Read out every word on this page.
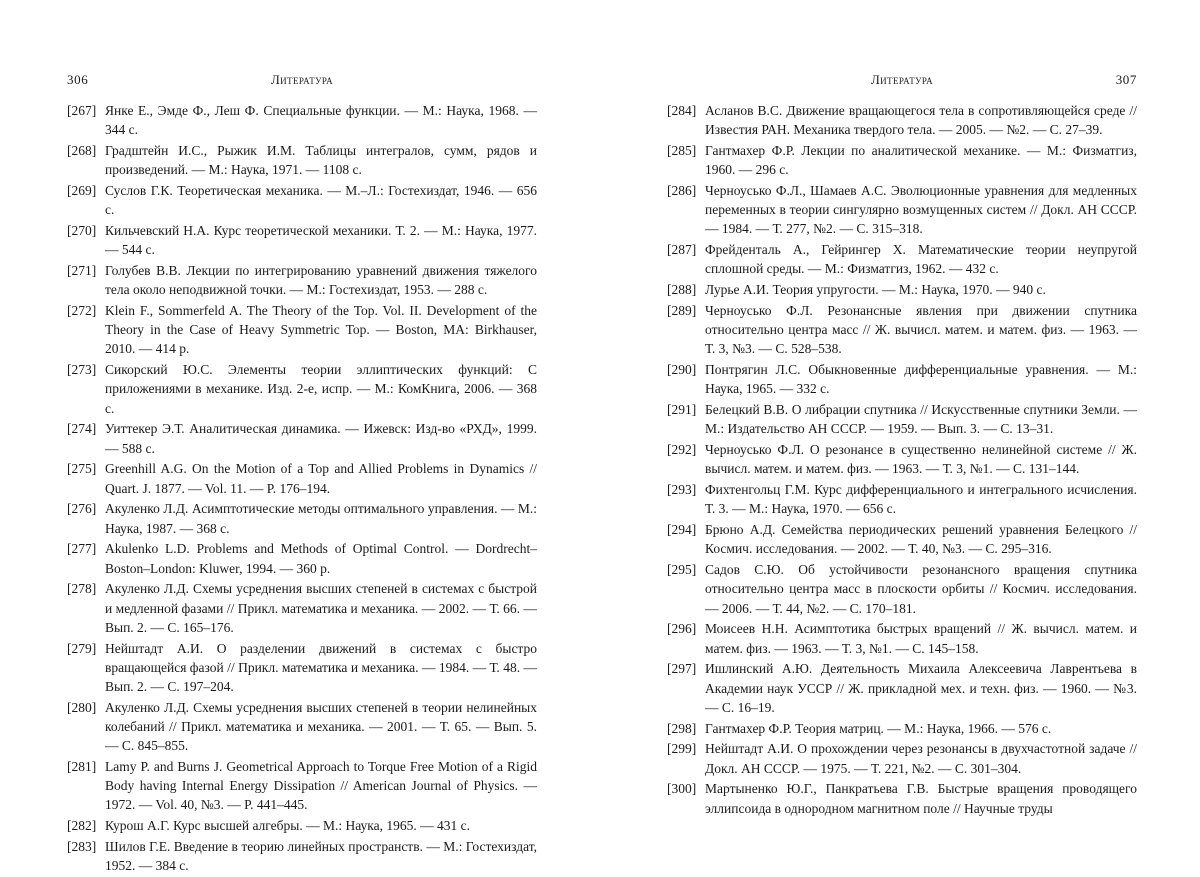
306	Литература
[267] Янке Е., Эмде Ф., Леш Ф. Специальные функции. — М.: Наука, 1968. — 344 с.
[268] Градштейн И.С., Рыжик И.М. Таблицы интегралов, сумм, рядов и произведений. — М.: Наука, 1971. — 1108 с.
[269] Суслов Г.К. Теоретическая механика. — М.–Л.: Гостехиздат, 1946. — 656 с.
[270] Кильчевский Н.А. Курс теоретической механики. Т. 2. — М.: Наука, 1977. — 544 с.
[271] Голубев В.В. Лекции по интегрированию уравнений движения тяжелого тела около неподвижной точки. — М.: Гостехиздат, 1953. — 288 с.
[272] Klein F., Sommerfeld A. The Theory of the Top. Vol. II. Development of the Theory in the Case of Heavy Symmetric Top. — Boston, MA: Birkhauser, 2010. — 414 p.
[273] Сикорский Ю.С. Элементы теории эллиптических функций: С приложениями в механике. Изд. 2-е, испр. — М.: КомКнига, 2006. — 368 с.
[274] Уиттекер Э.Т. Аналитическая динамика. — Ижевск: Изд-во «РХД», 1999. — 588 с.
[275] Greenhill A.G. On the Motion of a Top and Allied Problems in Dynamics // Quart. J. 1877. — Vol. 11. — P. 176–194.
[276] Акуленко Л.Д. Асимптотические методы оптимального управления. — М.: Наука, 1987. — 368 с.
[277] Akulenko L.D. Problems and Methods of Optimal Control. — Dordrecht–Boston–London: Kluwer, 1994. — 360 p.
[278] Акуленко Л.Д. Схемы усреднения высших степеней в системах с быстрой и медленной фазами // Прикл. математика и механика. — 2002. — Т. 66. — Вып. 2. — С. 165–176.
[279] Нейштадт А.И. О разделении движений в системах с быстро вращающейся фазой // Прикл. математика и механика. — 1984. — Т. 48. — Вып. 2. — С. 197–204.
[280] Акуленко Л.Д. Схемы усреднения высших степеней в теории нелинейных колебаний // Прикл. математика и механика. — 2001. — Т. 65. — Вып. 5. — С. 845–855.
[281] Lamy P. and Burns J. Geometrical Approach to Torque Free Motion of a Rigid Body having Internal Energy Dissipation // American Journal of Physics. — 1972. — Vol. 40, №3. — P. 441–445.
[282] Курош А.Г. Курс высшей алгебры. — М.: Наука, 1965. — 431 с.
[283] Шилов Г.Е. Введение в теорию линейных пространств. — М.: Гостехиздат, 1952. — 384 с.
Литература	307
[284] Асланов В.С. Движение вращающегося тела в сопротивляющейся среде // Известия РАН. Механика твердого тела. — 2005. — №2. — С. 27–39.
[285] Гантмахер Ф.Р. Лекции по аналитической механике. — М.: Физматгиз, 1960. — 296 с.
[286] Черноусько Ф.Л., Шамаев А.С. Эволюционные уравнения для медленных переменных в теории сингулярно возмущенных систем // Докл. АН СССР. — 1984. — Т. 277, №2. — С. 315–318.
[287] Фрейденталь А., Гейрингер Х. Математические теории неупругой сплошной среды. — М.: Физматгиз, 1962. — 432 с.
[288] Лурье А.И. Теория упругости. — М.: Наука, 1970. — 940 с.
[289] Черноусько Ф.Л. Резонансные явления при движении спутника относительно центра масс // Ж. вычисл. матем. и матем. физ. — 1963. — Т. 3, №3. — С. 528–538.
[290] Понтрягин Л.С. Обыкновенные дифференциальные уравнения. — М.: Наука, 1965. — 332 с.
[291] Белецкий В.В. О либрации спутника // Искусственные спутники Земли. — М.: Издательство АН СССР. — 1959. — Вып. 3. — С. 13–31.
[292] Черноусько Ф.Л. О резонансе в существенно нелинейной системе // Ж. вычисл. матем. и матем. физ. — 1963. — Т. 3, №1. — С. 131–144.
[293] Фихтенгольц Г.М. Курс дифференциального и интегрального исчисления. Т. 3. — М.: Наука, 1970. — 656 с.
[294] Брюно А.Д. Семейства периодических решений уравнения Белецкого // Космич. исследования. — 2002. — Т. 40, №3. — С. 295–316.
[295] Садов С.Ю. Об устойчивости резонансного вращения спутника относительно центра масс в плоскости орбиты // Космич. исследования. — 2006. — Т. 44, №2. — С. 170–181.
[296] Моисеев Н.Н. Асимптотика быстрых вращений // Ж. вычисл. матем. и матем. физ. — 1963. — Т. 3, №1. — С. 145–158.
[297] Ишлинский А.Ю. Деятельность Михаила Алексеевича Лаврентьева в Академии наук УССР // Ж. прикладной мех. и техн. физ. — 1960. — №3. — С. 16–19.
[298] Гантмахер Ф.Р. Теория матриц. — М.: Наука, 1966. — 576 с.
[299] Нейштадт А.И. О прохождении через резонансы в двухчастотной задаче // Докл. АН СССР. — 1975. — Т. 221, №2. — С. 301–304.
[300] Мартыненко Ю.Г., Панкратьева Г.В. Быстрые вращения проводящего эллипсоида в однородном магнитном поле // Научные труды
